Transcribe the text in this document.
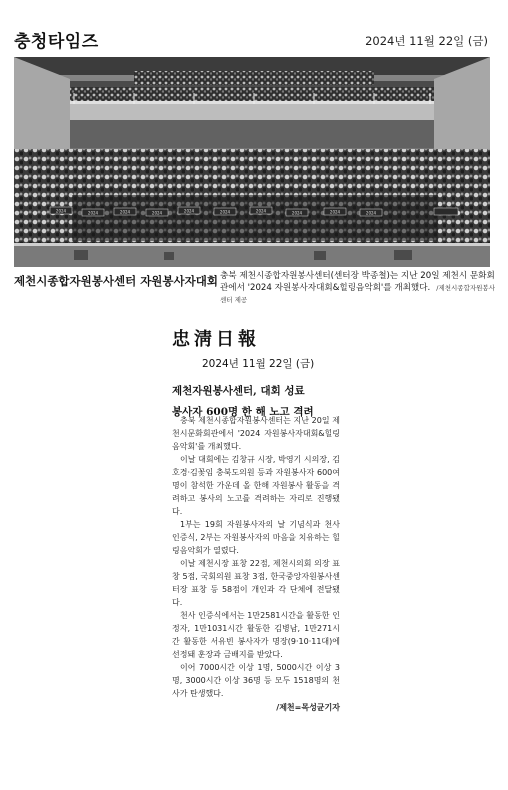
충청타임즈	2024년 11월 22일 (금)
2024	2024	2024	2024	2024	2024	2024	2024	2024	2024
제천시종합자원봉사센터 자원봉사자대회 충북 제천시종합자원봉사센터(센터장 박종철)는 지난 20일 제천시 문화회관에서 '2024 자원봉사자대회&힐링음악회'를 개최했다. /제천시종합자원봉사센터 제공
忠淸日報
2024년 11월 22일 (금)
제천자원봉사센터, 대회 성료
봉사자 600명 한 해 노고 격려

충북 제천시종합자원봉사센터는 지난 20일 제천시문화회관에서 '2024 자원봉사자대회&힐링음악회'를 개최했다.

이날 대회에는 김창규 시장, 박영기 시의장, 김호경·김꽃임 충북도의원 등과 자원봉사자 600여 명이 참석한 가운데 올 한해 자원봉사 활동을 격려하고 봉사의 노고를 격려하는 자리로 진행됐다.

1부는 19회 자원봉사자의 날 기념식과 천사 인증식, 2부는 자원봉사자의 마음을 치유하는 힐링음악회가 열렸다.

이날 제천시장 표창 22점, 제천시의회 의장 표창 5점, 국회의원 표창 3점, 한국중앙자원봉사센터장 표창 등 58점이 개인과 각 단체에 전달됐다.

천사 인증식에서는 1만2581시간을 활동한 인정자, 1만1031시간 활동한 김병남, 1만271시간 활동한 서유빈 봉사자가 명장(9·10·11대)에 선정돼 훈장과 금배지를 받았다.

이어 7000시간 이상 1명, 5000시간 이상 3명, 3000시간 이상 36명 등 모두 1518명의 천사가 탄생했다.

/제천=목성균기자
